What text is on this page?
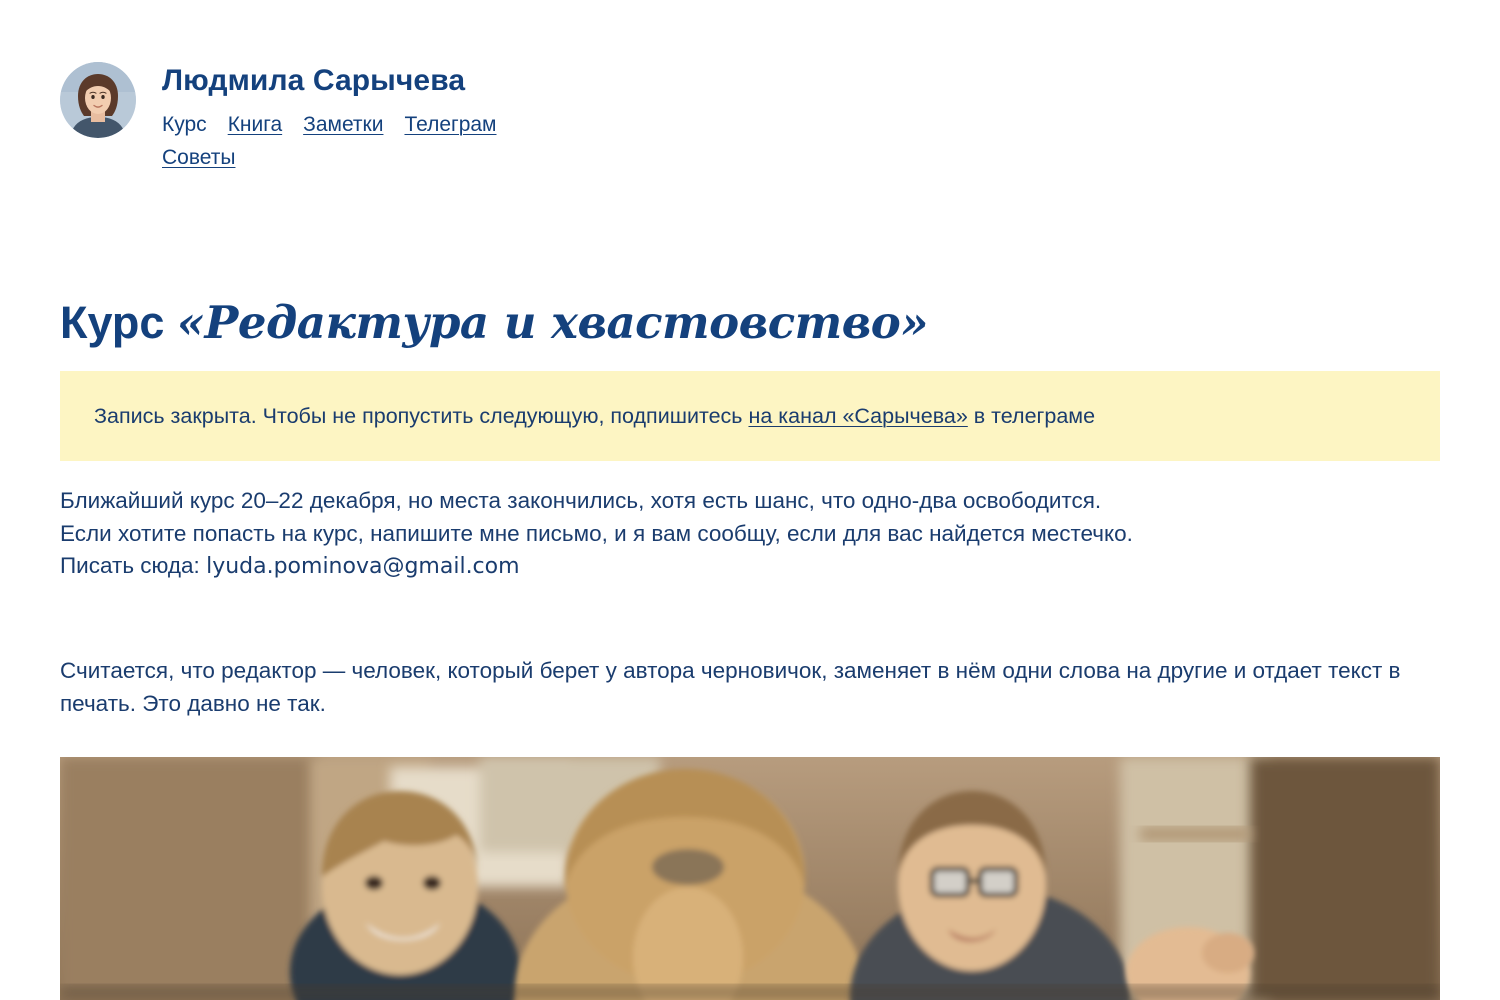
Людмила Сарычева
Курс Книга Заметки Телеграм
Советы
Курс «Редактура и хвастовство»
Запись закрыта. Чтобы не пропустить следующую, подпишитесь на канал «Сарычева» в телеграме
Ближайший курс 20–22 декабря, но места закончились, хотя есть шанс, что одно-два освободится.
Если хотите попасть на курс, напишите мне письмо, и я вам сообщу, если для вас найдется местечко.
Писать сюда: lyuda.pominova@gmail.com
Считается, что редактор — человек, который берет у автора черновичок, заменяет в нём одни слова на другие и отдает текст в печать. Это давно не так.
